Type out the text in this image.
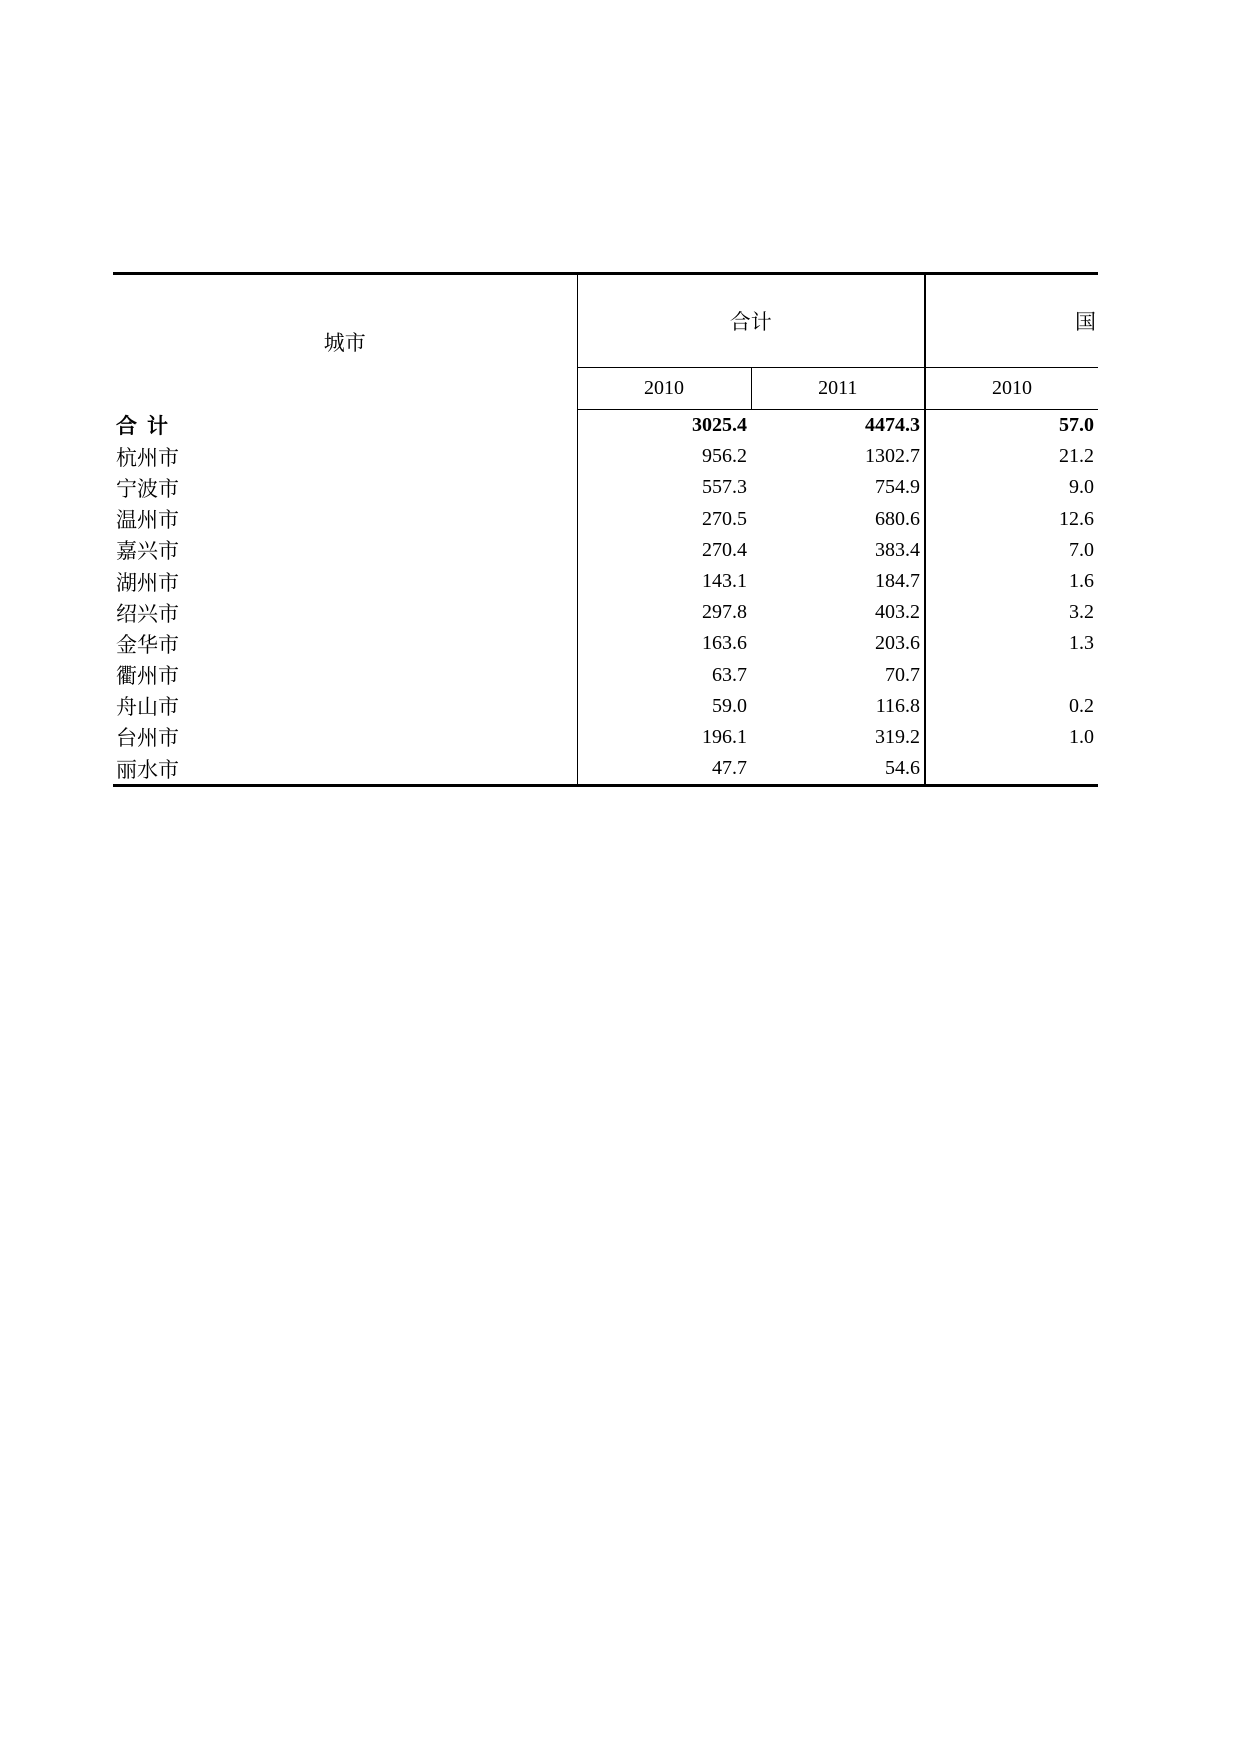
城市	合计		国
	2010	2011	2010
合计	3025.4	4474.3	57.0
杭州市	956.2	1302.7	21.2
宁波市	557.3	754.9	9.0
温州市	270.5	680.6	12.6
嘉兴市	270.4	383.4	7.0
湖州市	143.1	184.7	1.6
绍兴市	297.8	403.2	3.2
金华市	163.6	203.6	1.3
衢州市	63.7	70.7	
舟山市	59.0	116.8	0.2
台州市	196.1	319.2	1.0
丽水市	47.7	54.6	
